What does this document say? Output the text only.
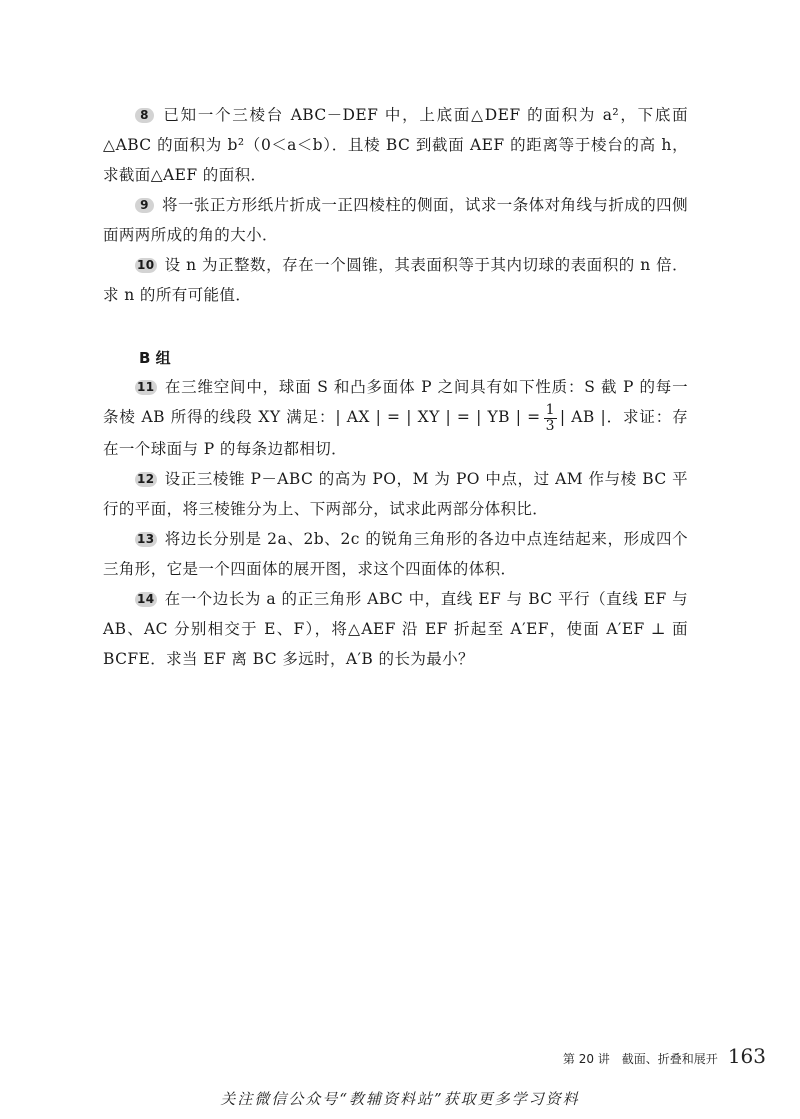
8 已知一个三棱台 ABC－DEF 中，上底面△DEF 的面积为 a²，下底面△ABC 的面积为 b²（0＜a＜b）．且棱 BC 到截面 AEF 的距离等于棱台的高 h，求截面△AEF 的面积．

9 将一张正方形纸片折成一正四棱柱的侧面，试求一条体对角线与折成的四侧面两两所成的角的大小．

10 设 n 为正整数，存在一个圆锥，其表面积等于其内切球的表面积的 n 倍．求 n 的所有可能值．

B 组

11 在三维空间中，球面 S 和凸多面体 P 之间具有如下性质：S 截 P 的每一条棱 AB 所得的线段 XY 满足：| AX | = | XY | = | YB | = $\frac{1}{3}$ | AB |．求证：存在一个球面与 P 的每条边都相切．

12 设正三棱锥 P－ABC 的高为 PO，M 为 PO 中点，过 AM 作与棱 BC 平行的平面，将三棱锥分为上、下两部分，试求此两部分体积比．

13 将边长分别是 2a、2b、2c 的锐角三角形的各边中点连结起来，形成四个三角形，它是一个四面体的展开图，求这个四面体的体积．

14 在一个边长为 a 的正三角形 ABC 中，直线 EF 与 BC 平行（直线 EF 与 AB、AC 分别相交于 E、F），将△AEF 沿 EF 折起至 A′EF，使面 A′EF ⊥ 面 BCFE．求当 EF 离 BC 多远时，A′B 的长为最小？

第 20 讲　截面、折叠和展开 163
关注微信公众号“教辅资料站”获取更多学习资料
